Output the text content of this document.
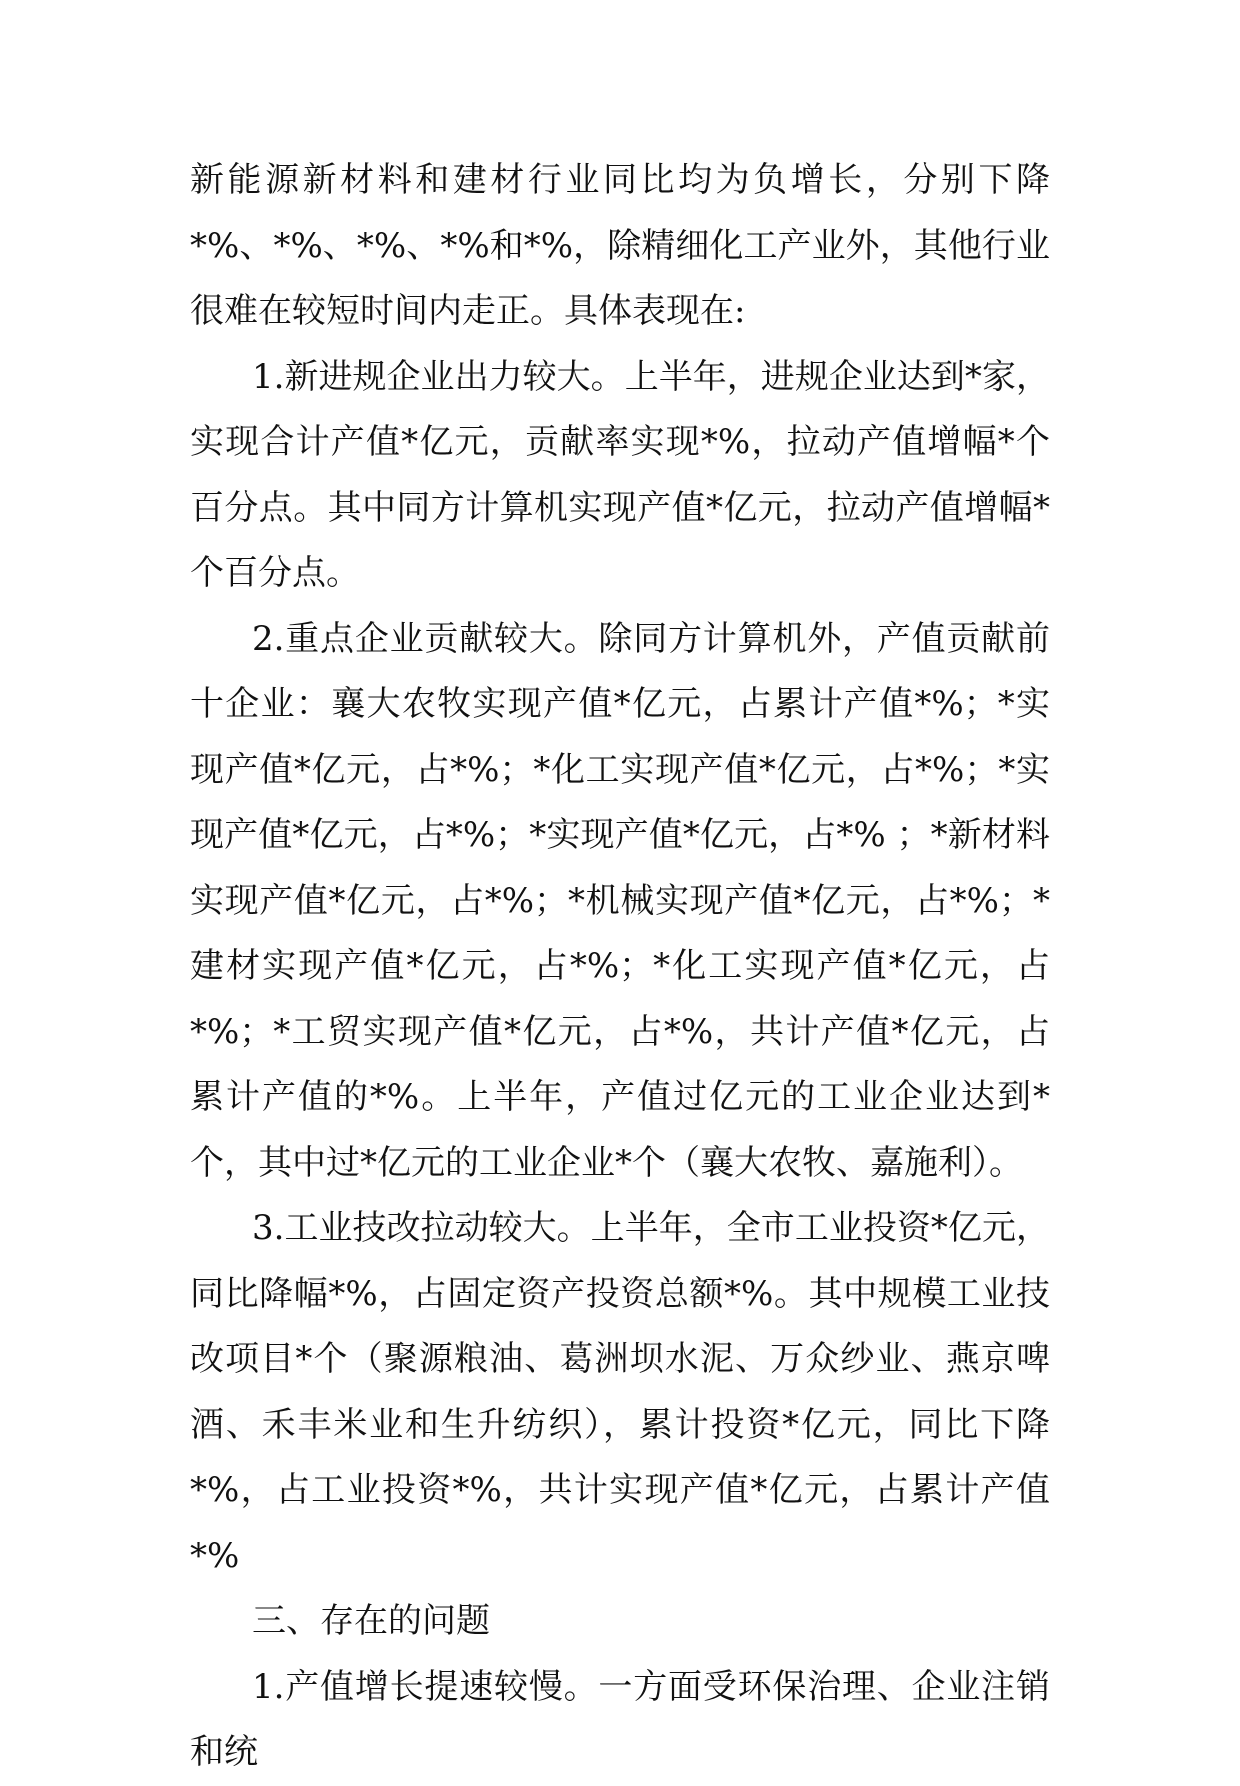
新能源新材料和建材行业同比均为负增长，分别下降*%、*%、*%、*%和*%，除精细化工产业外，其他行业很难在较短时间内走正。具体表现在:

1.新进规企业出力较大。上半年，进规企业达到*家，实现合计产值*亿元，贡献率实现*%，拉动产值增幅*个百分点。其中同方计算机实现产值*亿元，拉动产值增幅*个百分点。

2.重点企业贡献较大。除同方计算机外，产值贡献前十企业：襄大农牧实现产值*亿元，占累计产值*%；*实现产值*亿元，占*%；*化工实现产值*亿元，占*%；*实现产值*亿元，占*%；*实现产值*亿元，占*% ；*新材料实现产值*亿元，占*%；*机械实现产值*亿元，占*%；*建材实现产值*亿元，占*%；*化工实现产值*亿元，占*%；*工贸实现产值*亿元，占*%，共计产值*亿元，占累计产值的*%。上半年，产值过亿元的工业企业达到*个，其中过*亿元的工业企业*个（襄大农牧、嘉施利）。

3.工业技改拉动较大。上半年，全市工业投资*亿元，同比降幅*%，占固定资产投资总额*%。其中规模工业技改项目*个（聚源粮油、葛洲坝水泥、万众纱业、燕京啤酒、禾丰米业和生升纺织），累计投资*亿元，同比下降*%，占工业投资*%，共计实现产值*亿元，占累计产值*%

三、存在的问题

1.产值增长提速较慢。一方面受环保治理、企业注销和统
